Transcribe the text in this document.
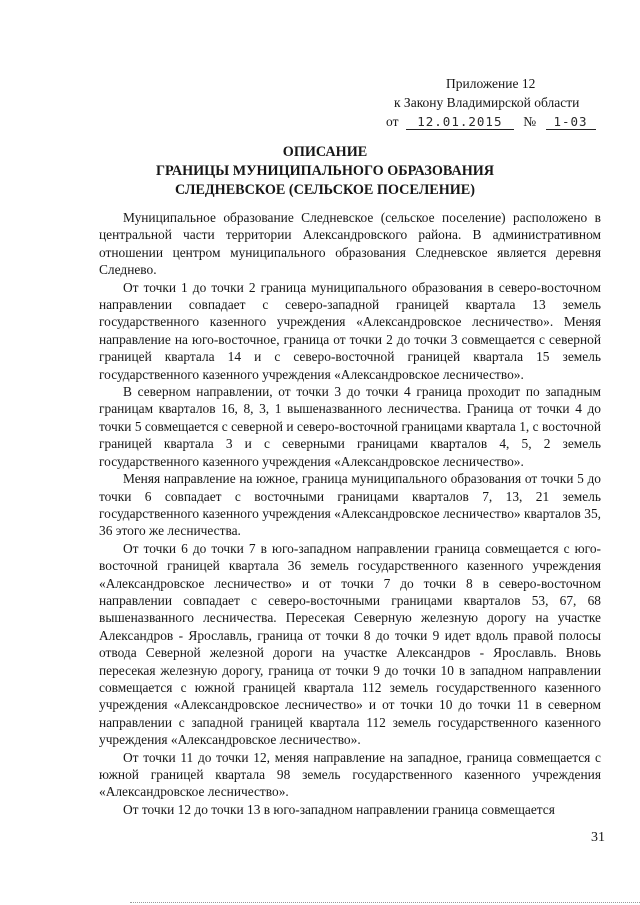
Приложение 12
к Закону Владимирской области
от 12.01.2015 № 1-03
ОПИСАНИЕ
ГРАНИЦЫ МУНИЦИПАЛЬНОГО ОБРАЗОВАНИЯ
СЛЕДНЕВСКОЕ (СЕЛЬСКОЕ ПОСЕЛЕНИЕ)

Муниципальное образование Следневское (сельское поселение) расположено в центральной части территории Александровского района. В административном отношении центром муниципального образования Следневское является деревня Следнево.

От точки 1 до точки 2 граница муниципального образования в северо-восточном направлении совпадает с северо-западной границей квартала 13 земель государственного казенного учреждения «Александровское лесничество». Меняя направление на юго-восточное, граница от точки 2 до точки 3 совмещается с северной границей квартала 14 и с северо-восточной границей квартала 15 земель государственного казенного учреждения «Александровское лесничество».

В северном направлении, от точки 3 до точки 4 граница проходит по западным границам кварталов 16, 8, 3, 1 вышеназванного лесничества. Граница от точки 4 до точки 5 совмещается с северной и северо-восточной границами квартала 1, с восточной границей квартала 3 и с северными границами кварталов 4, 5, 2 земель государственного казенного учреждения «Александровское лесничество».

Меняя направление на южное, граница муниципального образования от точки 5 до точки 6 совпадает с восточными границами кварталов 7, 13, 21 земель государственного казенного учреждения «Александровское лесничество» кварталов 35, 36 этого же лесничества.

От точки 6 до точки 7 в юго-западном направлении граница совмещается с юго-восточной границей квартала 36 земель государственного казенного учреждения «Александровское лесничество» и от точки 7 до точки 8 в северо-восточном направлении совпадает с северо-восточными границами кварталов 53, 67, 68 вышеназванного лесничества. Пересекая Северную железную дорогу на участке Александров - Ярославль, граница от точки 8 до точки 9 идет вдоль правой полосы отвода Северной железной дороги на участке Александров - Ярославль. Вновь пересекая железную дорогу, граница от точки 9 до точки 10 в западном направлении совмещается с южной границей квартала 112 земель государственного казенного учреждения «Александровское лесничество» и от точки 10 до точки 11 в северном направлении с западной границей квартала 112 земель государственного казенного учреждения «Александровское лесничество».

От точки 11 до точки 12, меняя направление на западное, граница совмещается с южной границей квартала 98 земель государственного казенного учреждения «Александровское лесничество».

От точки 12 до точки 13 в юго-западном направлении граница совмещается

31
